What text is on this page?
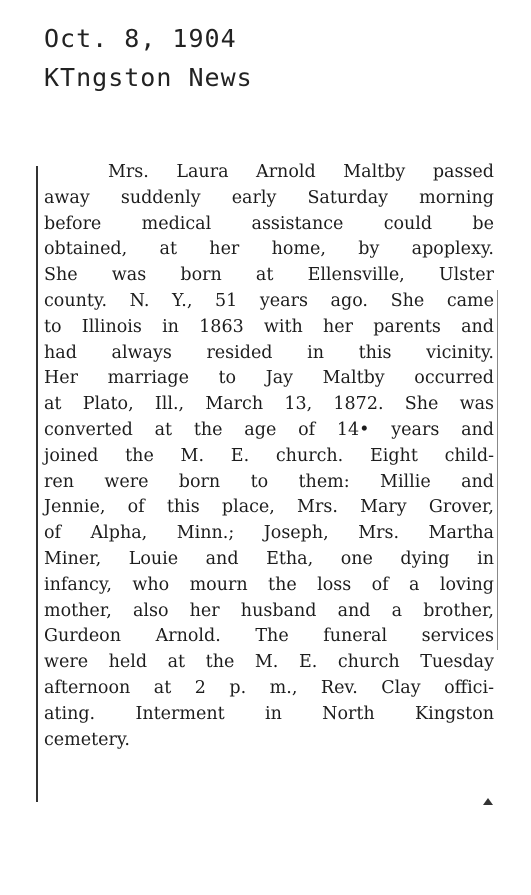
Oct. 8, 1904
KTngston News
Mrs. Laura Arnold Maltby passed
away suddenly early Saturday morning
before medical assistance could be
obtained, at her home, by apoplexy.
She was born at Ellensville, Ulster
county. N. Y., 51 years ago. She came
to Illinois in 1863 with her parents and
had always resided in this vicinity.
Her marriage to Jay Maltby occurred
at Plato, Ill., March 13, 1872. She was
converted at the age of 14• years and
joined the M. E. church. Eight child-
ren were born to them: Millie and
Jennie, of this place, Mrs. Mary Grover,
of Alpha, Minn.; Joseph, Mrs. Martha
Miner, Louie and Etha, one dying in
infancy, who mourn the loss of a loving
mother, also her husband and a brother,
Gurdeon Arnold. The funeral services
were held at the M. E. church Tuesday
afternoon at 2 p. m., Rev. Clay offici-
ating. Interment in North Kingston
cemetery.
